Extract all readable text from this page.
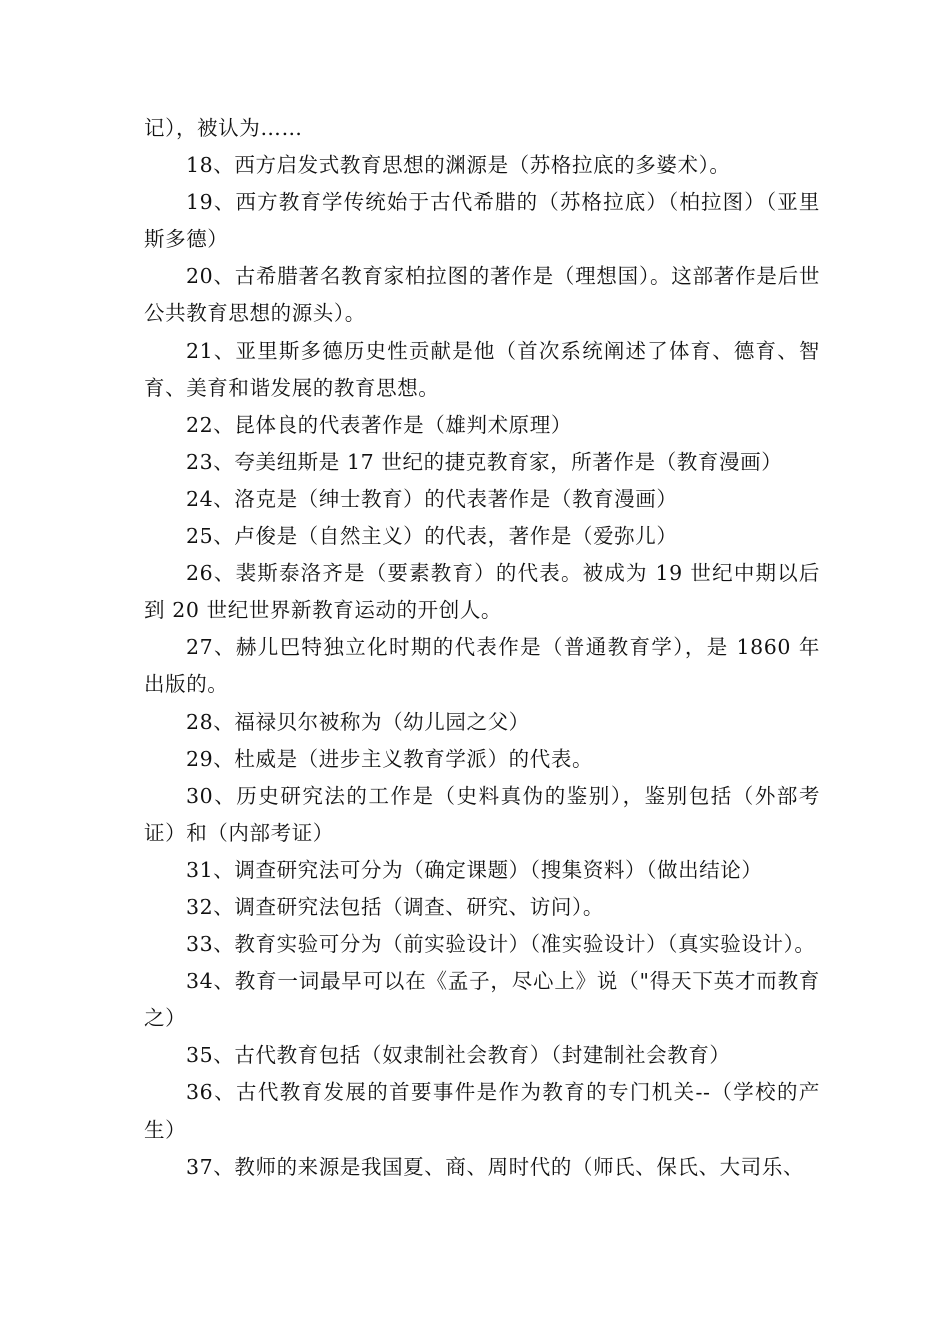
记），被认为……

18、西方启发式教育思想的渊源是（苏格拉底的多婆术）。

19、西方教育学传统始于古代希腊的（苏格拉底）（柏拉图）（亚里斯多德）

20、古希腊著名教育家柏拉图的著作是（理想国）。这部著作是后世公共教育思想的源头）。

21、亚里斯多德历史性贡献是他（首次系统阐述了体育、德育、智育、美育和谐发展的教育思想。

22、昆体良的代表著作是（雄判术原理）

23、夸美纽斯是 17 世纪的捷克教育家，所著作是（教育漫画）

24、洛克是（绅士教育）的代表著作是（教育漫画）

25、卢俊是（自然主义）的代表，著作是（爱弥儿）

26、裴斯泰洛齐是（要素教育）的代表。被成为 19 世纪中期以后到 20 世纪世界新教育运动的开创人。

27、赫儿巴特独立化时期的代表作是（普通教育学），是 1860 年出版的。

28、福禄贝尔被称为（幼儿园之父）

29、杜威是（进步主义教育学派）的代表。

30、历史研究法的工作是（史料真伪的鉴别），鉴别包括（外部考证）和（内部考证）

31、调查研究法可分为（确定课题）（搜集资料）（做出结论）

32、调查研究法包括（调查、研究、访问）。

33、教育实验可分为（前实验设计）（准实验设计）（真实验设计）。

34、教育一词最早可以在《孟子，尽心上》说（"得天下英才而教育之）

35、古代教育包括（奴隶制社会教育）（封建制社会教育）

36、古代教育发展的首要事件是作为教育的专门机关--（学校的产生）

37、教师的来源是我国夏、商、周时代的（师氏、保氏、大司乐、
